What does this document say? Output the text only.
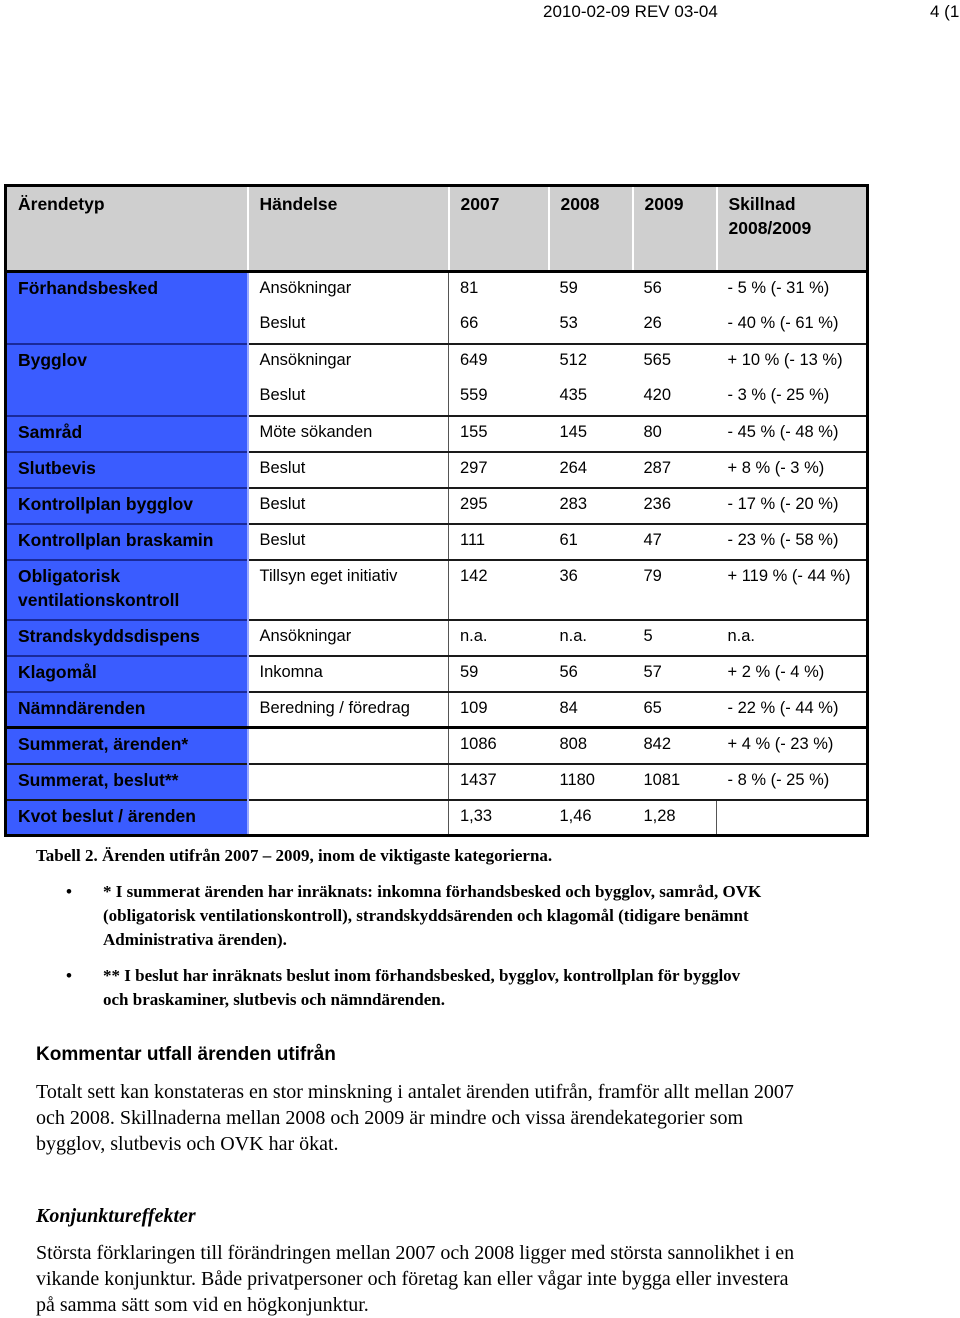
2010-02-09 REV 03-04	4 (1
Ärendetyp	Händelse	2007	2008	2009	Skillnad 2008/2009
Förhandsbesked	Ansökningar	81	59	56	- 5 % (- 31 %)
	Beslut	66	53	26	- 40 % (- 61 %)
Bygglov	Ansökningar	649	512	565	+ 10 % (- 13 %)
	Beslut	559	435	420	- 3 % (- 25 %)
Samråd	Möte sökanden	155	145	80	- 45 % (- 48 %)
Slutbevis	Beslut	297	264	287	+ 8 % (- 3 %)
Kontrollplan bygglov	Beslut	295	283	236	- 17 % (- 20 %)
Kontrollplan braskamin	Beslut	111	61	47	- 23 % (- 58 %)
Obligatorisk ventilationskontroll	Tillsyn eget initiativ	142	36	79	+ 119 % (- 44 %)
Strandskyddsdispens	Ansökningar	n.a.	n.a.	5	n.a.
Klagomål	Inkomna	59	56	57	+ 2 % (- 4 %)
Nämndärenden	Beredning / föredrag	109	84	65	- 22 % (- 44 %)
Summerat, ärenden*		1086	808	842	+ 4 % (- 23 %)
Summerat, beslut**		1437	1180	1081	- 8 % (- 25 %)
Kvot beslut / ärenden		1,33	1,46	1,28	
Tabell 2. Ärenden utifrån 2007 – 2009, inom de viktigaste kategorierna.
• * I summerat ärenden har inräknats: inkomna förhandsbesked och bygglov, samråd, OVK (obligatorisk ventilationskontroll), strandskyddsärenden och klagomål (tidigare benämnt Administrativa ärenden).
• ** I beslut har inräknats beslut inom förhandsbesked, bygglov, kontrollplan för bygglov och braskaminer, slutbevis och nämndärenden.
Kommentar utfall ärenden utifrån
Totalt sett kan konstateras en stor minskning i antalet ärenden utifrån, framför allt mellan 2007 och 2008. Skillnaderna mellan 2008 och 2009 är mindre och vissa ärendekategorier som bygglov, slutbevis och OVK har ökat.
Konjunktureffekter
Största förklaringen till förändringen mellan 2007 och 2008 ligger med största sannolikhet i en vikande konjunktur. Både privatpersoner och företag kan eller vågar inte bygga eller investera på samma sätt som vid en högkonjunktur.
